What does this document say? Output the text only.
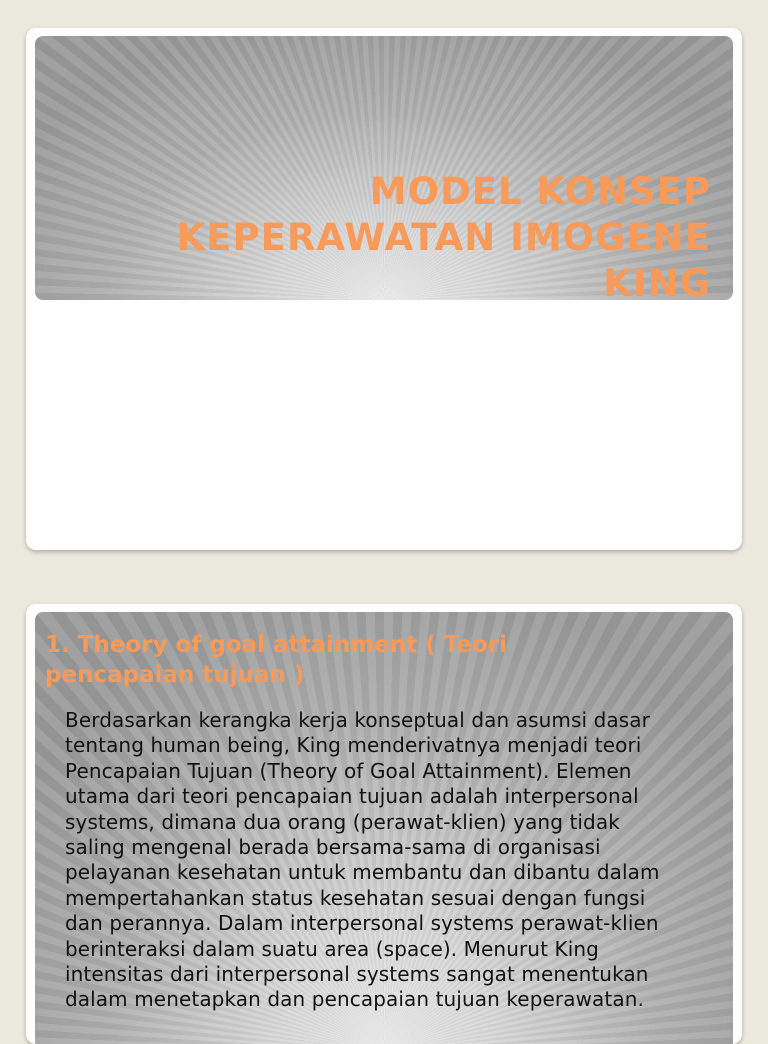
MODEL KONSEP
KEPERAWATAN IMOGENE
KING
1. Theory of goal attainment ( Teori
pencapaian tujuan )

Berdasarkan kerangka kerja konseptual dan asumsi dasar
tentang human being, King menderivatnya menjadi teori
Pencapaian Tujuan (Theory of Goal Attainment). Elemen
utama dari teori pencapaian tujuan adalah interpersonal
systems, dimana dua orang (perawat-klien) yang tidak
saling mengenal berada bersama-sama di organisasi
pelayanan kesehatan untuk membantu dan dibantu dalam
mempertahankan status kesehatan sesuai dengan fungsi
dan perannya. Dalam interpersonal systems perawat-klien
berinteraksi dalam suatu area (space). Menurut King
intensitas dari interpersonal systems sangat menentukan
dalam menetapkan dan pencapaian tujuan keperawatan.
